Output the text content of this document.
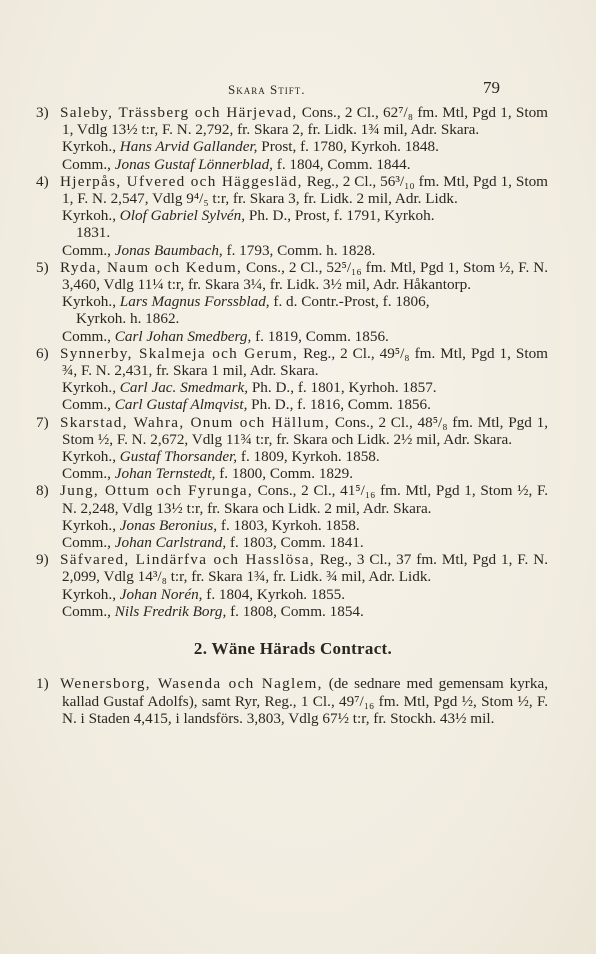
Skara Stift.	79
3) Saleby, Trässberg och Härjevad, Cons., 2 Cl., 62⁷/₈ fm. Mtl, Pgd 1, Stom 1, Vdlg 13½ t:r, F. N. 2,792, fr. Skara 2, fr. Lidk. 1¾ mil, Adr. Skara.
Kyrkoh., Hans Arvid Gallander, Prost, f. 1780, Kyrkoh. 1848.
Comm., Jonas Gustaf Lönnerblad, f. 1804, Comm. 1844.
4) Hjerpås, Ufvered och Häggesläd, Reg., 2 Cl., 56³/₁₀ fm. Mtl, Pgd 1, Stom 1, F. N. 2,547, Vdlg 9⁴/₅ t:r, fr. Skara 3, fr. Lidk. 2 mil, Adr. Lidk.
Kyrkoh., Olof Gabriel Sylvén, Ph. D., Prost, f. 1791, Kyrkoh.
1831.
Comm., Jonas Baumbach, f. 1793, Comm. h. 1828.
5) Ryda, Naum och Kedum, Cons., 2 Cl., 52⁵/₁₆ fm. Mtl, Pgd 1, Stom ½, F. N. 3,460, Vdlg 11¼ t:r, fr. Skara 3¼, fr. Lidk. 3½ mil, Adr. Håkantorp.
Kyrkoh., Lars Magnus Forssblad, f. d. Contr.-Prost, f. 1806,
Kyrkoh. h. 1862.
Comm., Carl Johan Smedberg, f. 1819, Comm. 1856.
6) Synnerby, Skalmeja och Gerum, Reg., 2 Cl., 49⁵/₈ fm. Mtl, Pgd 1, Stom ¾, F. N. 2,431, fr. Skara 1 mil, Adr. Skara.
Kyrkoh., Carl Jac. Smedmark, Ph. D., f. 1801, Kyrhoh. 1857.
Comm., Carl Gustaf Almqvist, Ph. D., f. 1816, Comm. 1856.
7) Skarstad, Wahra, Onum och Hällum, Cons., 2 Cl., 48⁵/₈ fm. Mtl, Pgd 1, Stom ½, F. N. 2,672, Vdlg 11¾ t:r, fr. Skara och Lidk. 2½ mil, Adr. Skara.
Kyrkoh., Gustaf Thorsander, f. 1809, Kyrkoh. 1858.
Comm., Johan Ternstedt, f. 1800, Comm. 1829.
8) Jung, Ottum och Fyrunga, Cons., 2 Cl., 41⁵/₁₆ fm. Mtl, Pgd 1, Stom ½, F. N. 2,248, Vdlg 13½ t:r, fr. Skara och Lidk. 2 mil, Adr. Skara.
Kyrkoh., Jonas Beronius, f. 1803, Kyrkoh. 1858.
Comm., Johan Carlstrand, f. 1803, Comm. 1841.
9) Säfvared, Lindärfva och Hasslösa, Reg., 3 Cl., 37 fm. Mtl, Pgd 1, F. N. 2,099, Vdlg 14³/₈ t:r, fr. Skara 1¾, fr. Lidk. ¾ mil, Adr. Lidk.
Kyrkoh., Johan Norén, f. 1804, Kyrkoh. 1855.
Comm., Nils Fredrik Borg, f. 1808, Comm. 1854.
2. Wäne Härads Contract.
1) Wenersborg, Wasenda och Naglem, (de sednare med gemensam kyrka, kallad Gustaf Adolfs), samt Ryr, Reg., 1 Cl., 49⁷/₁₆ fm. Mtl, Pgd ½, Stom ½, F. N. i Staden 4,415, i landsförs. 3,803, Vdlg 67½ t:r, fr. Stockh. 43½ mil.
